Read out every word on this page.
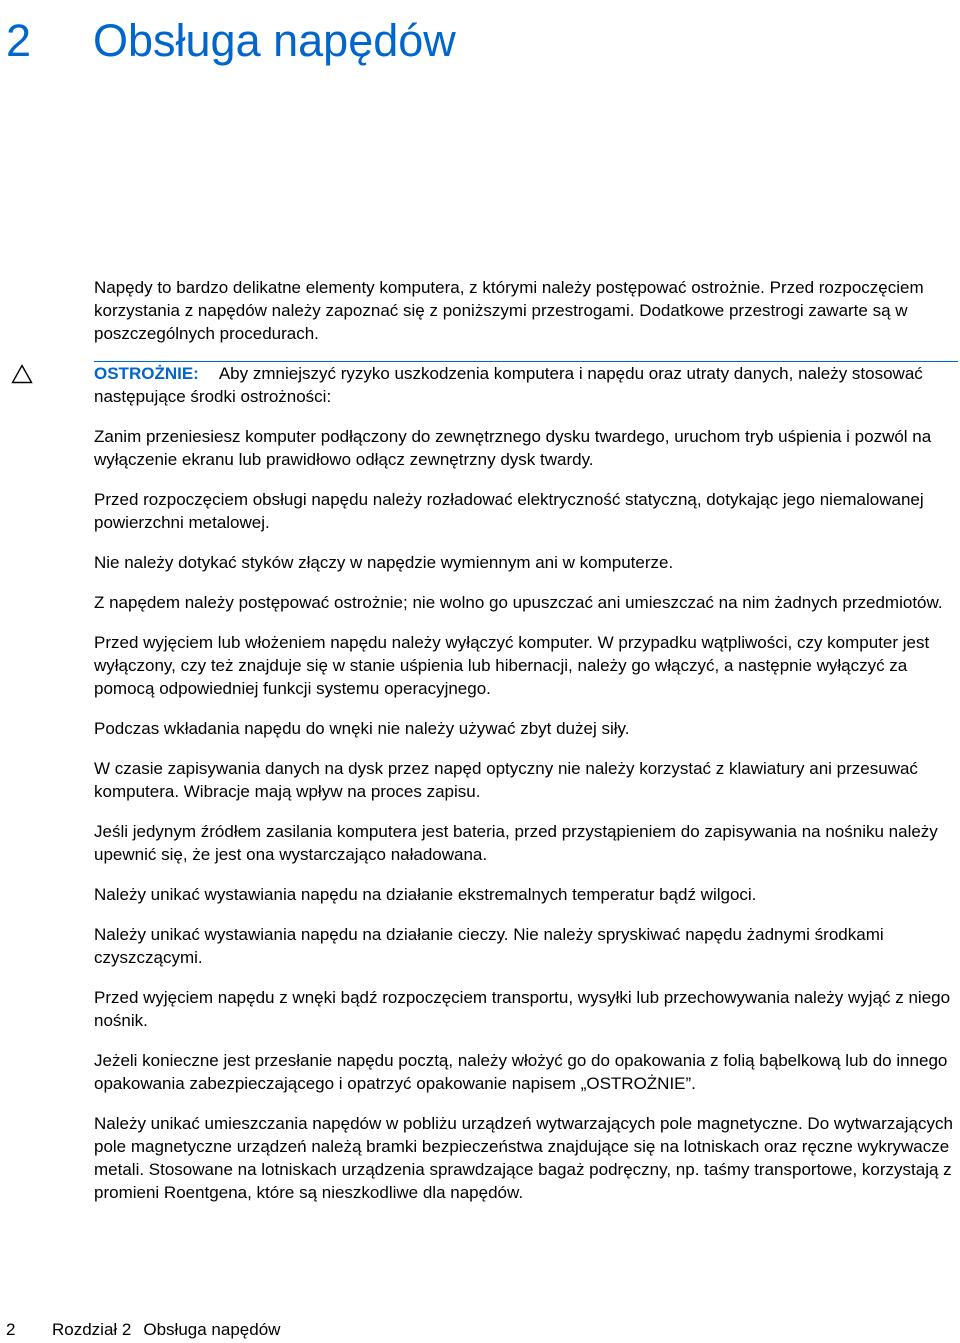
2 Obsługa napędów

Napędy to bardzo delikatne elementy komputera, z którymi należy postępować ostrożnie. Przed rozpoczęciem korzystania z napędów należy zapoznać się z poniższymi przestrogami. Dodatkowe przestrogi zawarte są w poszczególnych procedurach.

OSTROŻNIE: Aby zmniejszyć ryzyko uszkodzenia komputera i napędu oraz utraty danych, należy stosować następujące środki ostrożności:

Zanim przeniesiesz komputer podłączony do zewnętrznego dysku twardego, uruchom tryb uśpienia i pozwól na wyłączenie ekranu lub prawidłowo odłącz zewnętrzny dysk twardy.

Przed rozpoczęciem obsługi napędu należy rozładować elektryczność statyczną, dotykając jego niemalowanej powierzchni metalowej.

Nie należy dotykać styków złączy w napędzie wymiennym ani w komputerze.

Z napędem należy postępować ostrożnie; nie wolno go upuszczać ani umieszczać na nim żadnych przedmiotów.

Przed wyjęciem lub włożeniem napędu należy wyłączyć komputer. W przypadku wątpliwości, czy komputer jest wyłączony, czy też znajduje się w stanie uśpienia lub hibernacji, należy go włączyć, a następnie wyłączyć za pomocą odpowiedniej funkcji systemu operacyjnego.

Podczas wkładania napędu do wnęki nie należy używać zbyt dużej siły.

W czasie zapisywania danych na dysk przez napęd optyczny nie należy korzystać z klawiatury ani przesuwać komputera. Wibracje mają wpływ na proces zapisu.

Jeśli jedynym źródłem zasilania komputera jest bateria, przed przystąpieniem do zapisywania na nośniku należy upewnić się, że jest ona wystarczająco naładowana.

Należy unikać wystawiania napędu na działanie ekstremalnych temperatur bądź wilgoci.

Należy unikać wystawiania napędu na działanie cieczy. Nie należy spryskiwać napędu żadnymi środkami czyszczącymi.

Przed wyjęciem napędu z wnęki bądź rozpoczęciem transportu, wysyłki lub przechowywania należy wyjąć z niego nośnik.

Jeżeli konieczne jest przesłanie napędu pocztą, należy włożyć go do opakowania z folią bąbelkową lub do innego opakowania zabezpieczającego i opatrzyć opakowanie napisem „OSTROŻNIE”.

Należy unikać umieszczania napędów w pobliżu urządzeń wytwarzających pole magnetyczne. Do wytwarzających pole magnetyczne urządzeń należą bramki bezpieczeństwa znajdujące się na lotniskach oraz ręczne wykrywacze metali. Stosowane na lotniskach urządzenia sprawdzające bagaż podręczny, np. taśmy transportowe, korzystają z promieni Roentgena, które są nieszkodliwe dla napędów.

2 Rozdział 2 Obsługa napędów
